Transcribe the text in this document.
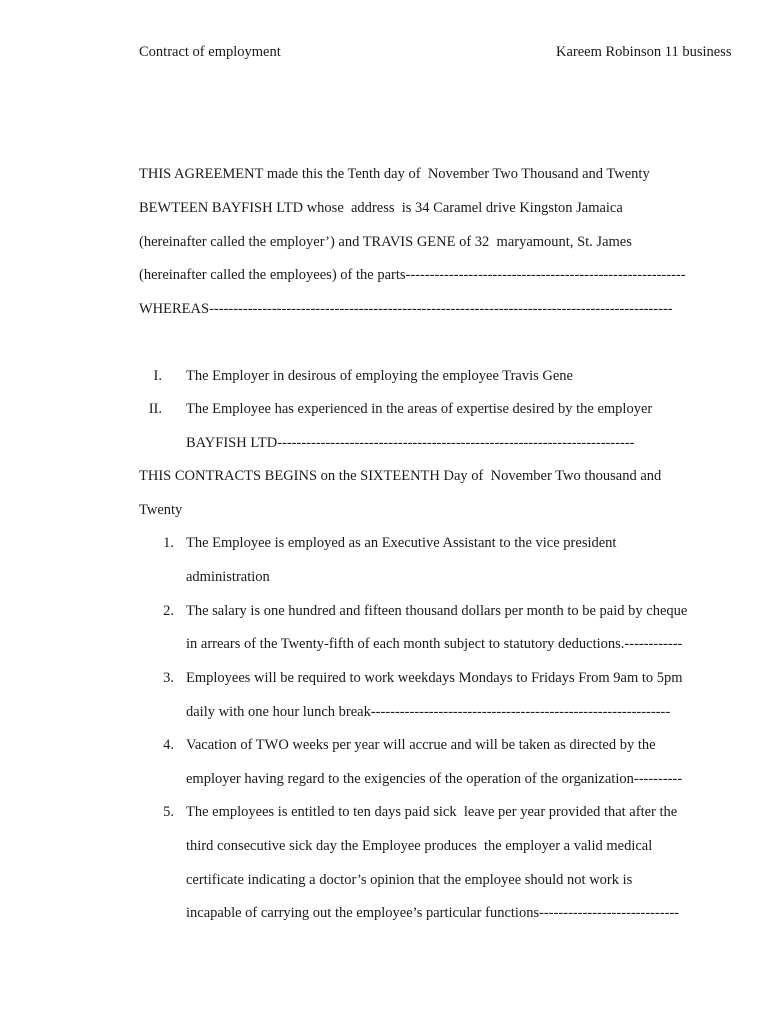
Contract of employment	Kareem Robinson 11 business
THIS AGREEMENT made this the Tenth day of  November Two Thousand and Twenty
BEWTEEN BAYFISH LTD whose  address  is 34 Caramel drive Kingston Jamaica
(hereinafter called the employer’) and TRAVIS GENE of 32  maryamount, St. James
(hereinafter called the employees) of the parts----------------------------------------------------------
WHEREAS------------------------------------------------------------------------------------------------
I. The Employer in desirous of employing the employee Travis Gene
II. The Employee has experienced in the areas of expertise desired by the employer
BAYFISH LTD--------------------------------------------------------------------------
THIS CONTRACTS BEGINS on the SIXTEENTH Day of  November Two thousand and
Twenty
1. The Employee is employed as an Executive Assistant to the vice president
administration
2. The salary is one hundred and fifteen thousand dollars per month to be paid by cheque
in arrears of the Twenty-fifth of each month subject to statutory deductions.------------
3. Employees will be required to work weekdays Mondays to Fridays From 9am to 5pm
daily with one hour lunch break--------------------------------------------------------------
4. Vacation of TWO weeks per year will accrue and will be taken as directed by the
employer having regard to the exigencies of the operation of the organization----------
5. The employees is entitled to ten days paid sick  leave per year provided that after the
third consecutive sick day the Employee produces  the employer a valid medical
certificate indicating a doctor’s opinion that the employee should not work is
incapable of carrying out the employee’s particular functions-----------------------------
